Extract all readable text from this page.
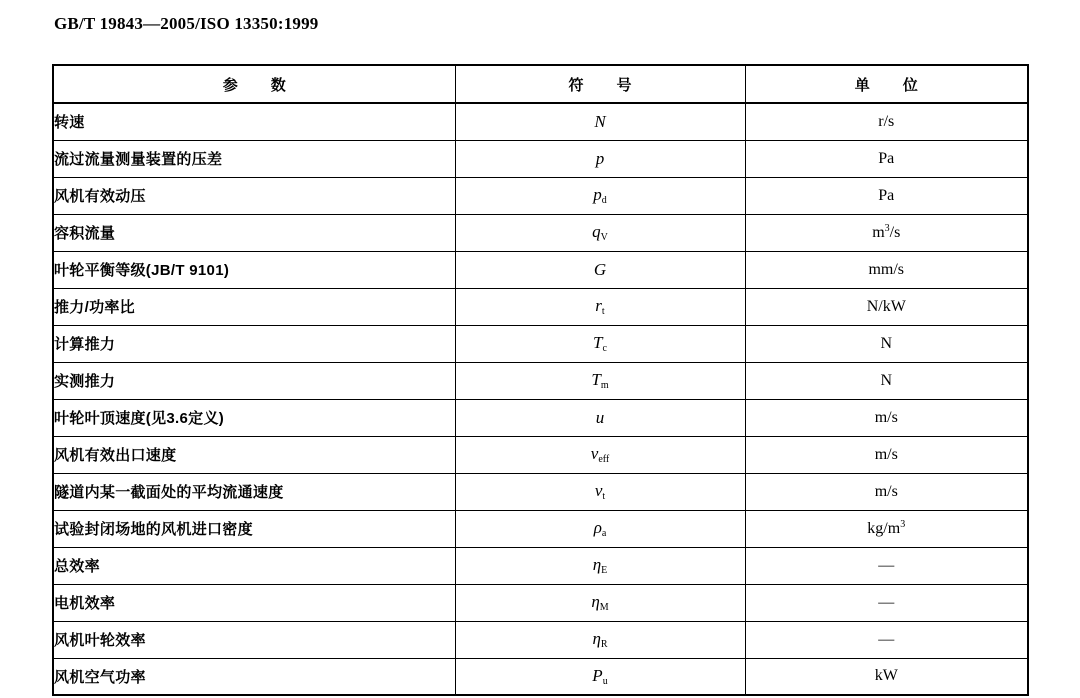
GB/T 19843—2005/ISO 13350:1999
参　数	符　号	单　位
转速	N	r/s
流过流量测量装置的压差	p	Pa
风机有效动压	$p_d$	Pa
容积流量	$q_V$	$m^3/s$
叶轮平衡等级(JB/T 9101)	G	mm/s
推力/功率比	$r_t$	N/kW
计算推力	$T_c$	N
实测推力	$T_m$	N
叶轮叶顶速度(见3.6定义)	u	m/s
风机有效出口速度	$v_{eff}$	m/s
隧道内某一截面处的平均流通速度	$v_t$	m/s
试验封闭场地的风机进口密度	$\rho_a$	$kg/m^3$
总效率	$\eta_E$	—
电机效率	$\eta_M$	—
风机叶轮效率	$\eta_R$	—
风机空气功率	$P_u$	kW
